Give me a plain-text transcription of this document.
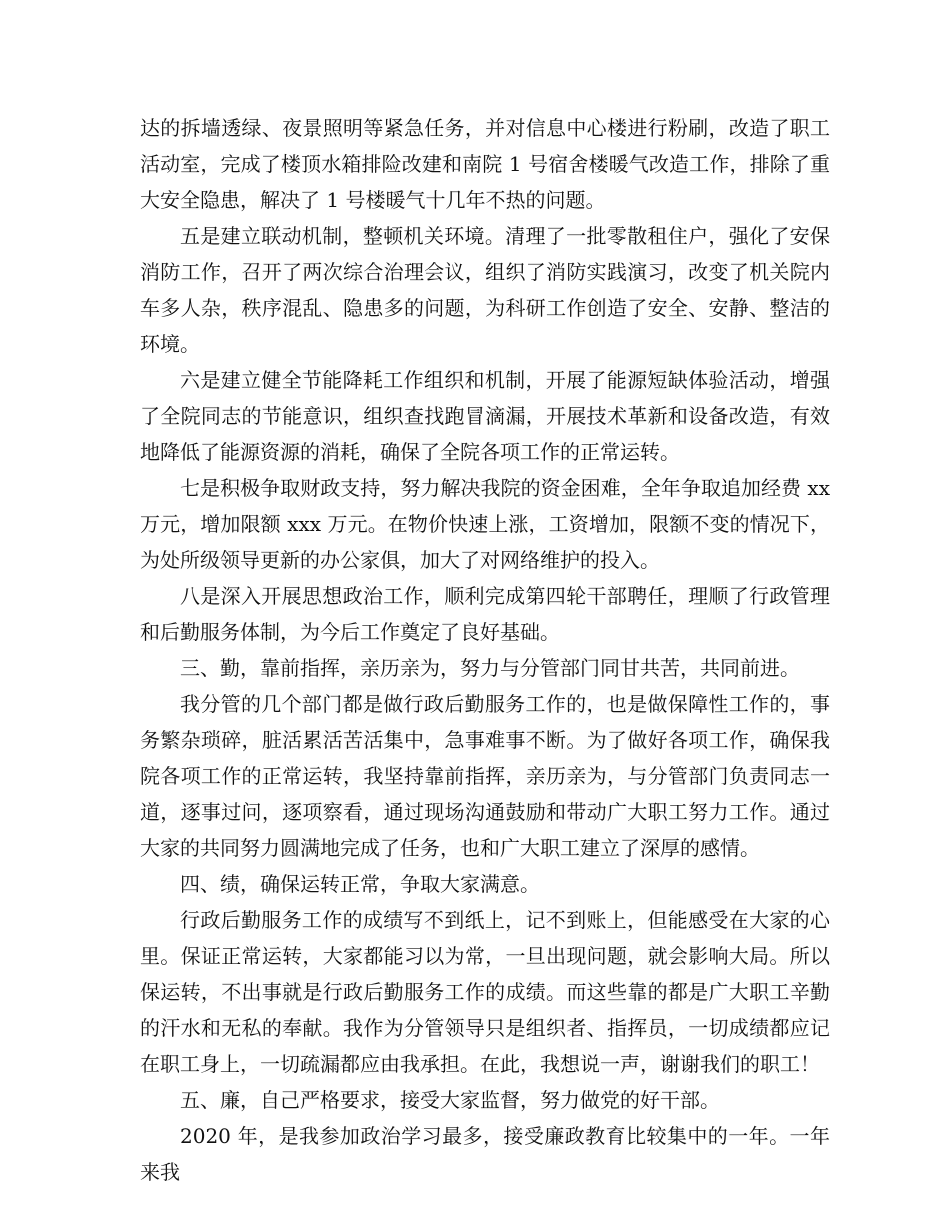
达的拆墙透绿、夜景照明等紧急任务，并对信息中心楼进行粉刷，改造了职工活动室，完成了楼顶水箱排险改建和南院 1 号宿舍楼暖气改造工作，排除了重大安全隐患，解决了 1 号楼暖气十几年不热的问题。

五是建立联动机制，整顿机关环境。清理了一批零散租住户，强化了安保消防工作，召开了两次综合治理会议，组织了消防实践演习，改变了机关院内车多人杂，秩序混乱、隐患多的问题，为科研工作创造了安全、安静、整洁的环境。

六是建立健全节能降耗工作组织和机制，开展了能源短缺体验活动，增强了全院同志的节能意识，组织查找跑冒滴漏，开展技术革新和设备改造，有效地降低了能源资源的消耗，确保了全院各项工作的正常运转。

七是积极争取财政支持，努力解决我院的资金困难，全年争取追加经费 xx 万元，增加限额 xxx 万元。在物价快速上涨，工资增加，限额不变的情况下，为处所级领导更新的办公家俱，加大了对网络维护的投入。

八是深入开展思想政治工作，顺利完成第四轮干部聘任，理顺了行政管理和后勤服务体制，为今后工作奠定了良好基础。

三、勤，靠前指挥，亲历亲为，努力与分管部门同甘共苦，共同前进。

我分管的几个部门都是做行政后勤服务工作的，也是做保障性工作的，事务繁杂琐碎，脏活累活苦活集中，急事难事不断。为了做好各项工作，确保我院各项工作的正常运转，我坚持靠前指挥，亲历亲为，与分管部门负责同志一道，逐事过问，逐项察看，通过现场沟通鼓励和带动广大职工努力工作。通过大家的共同努力圆满地完成了任务，也和广大职工建立了深厚的感情。

四、绩，确保运转正常，争取大家满意。

行政后勤服务工作的成绩写不到纸上，记不到账上，但能感受在大家的心里。保证正常运转，大家都能习以为常，一旦出现问题，就会影响大局。所以保运转，不出事就是行政后勤服务工作的成绩。而这些靠的都是广大职工辛勤的汗水和无私的奉献。我作为分管领导只是组织者、指挥员，一切成绩都应记在职工身上，一切疏漏都应由我承担。在此，我想说一声，谢谢我们的职工！

五、廉，自己严格要求，接受大家监督，努力做党的好干部。

2020 年，是我参加政治学习最多，接受廉政教育比较集中的一年。一年来我
